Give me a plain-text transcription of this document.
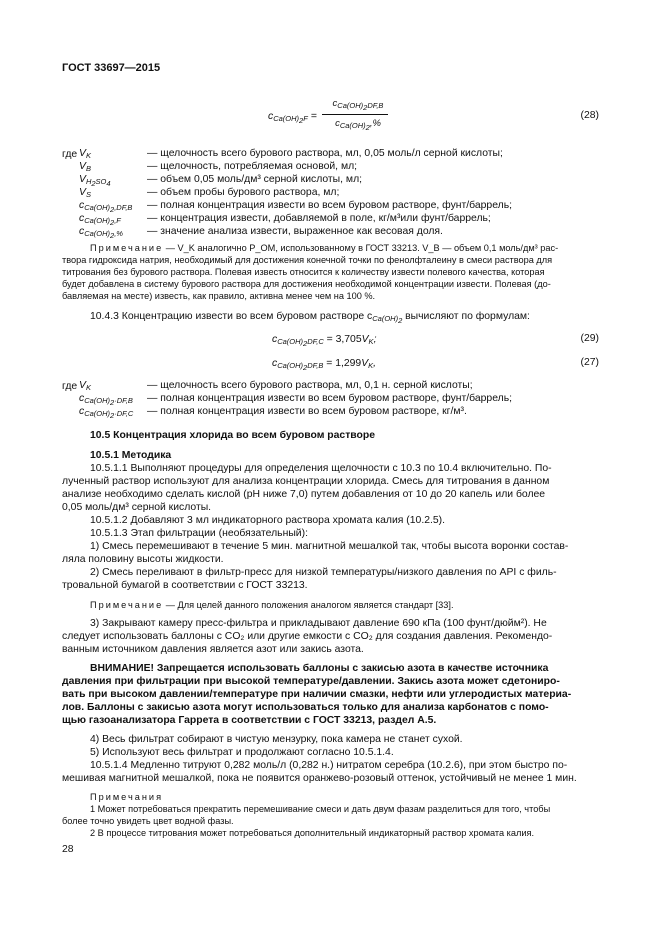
ГОСТ 33697—2015
$c_{Ca(OH)_2F}$ =
$c_{Ca(OH)_2DF,B}$
$c_{Ca(OH)_2},\%$
(28)
где $V_K$	— щелочность всего бурового раствора, мл, 0,05 моль/л серной кислоты;
$V_B$	— щелочность, потребляемая основой, мл;
$V_{H_2SO_4}$	— объем 0,05 моль/дм³ серной кислоты, мл;
$V_S$	— объем пробы бурового раствора, мл;
$c_{Ca(OH)_2,DF,B}$ — полная концентрация извести во всем буровом растворе, фунт/баррель;
$c_{Ca(OH)_2,F}$	— концентрация извести, добавляемой в поле, кг/м³или фунт/баррель;
$c_{Ca(OH)_2,\%}$ — значение анализа извести, выраженное как весовая доля.
Примечание — V_K аналогично P_OM, использованному в ГОСТ 33213. V_B — объем 0,1 моль/дм³ рас-
твора гидроксида натрия, необходимый для достижения конечной точки по фенолфталеину в смеси раствора для
титрования без бурового раствора. Полевая известь относится к количеству извести полевого качества, которая
будет добавлена в систему бурового раствора для достижения необходимой концентрации извести. Полевая (до-
бавляемая на месте) известь, как правило, активна менее чем на 100 %.
10.4.3 Концентрацию извести во всем буровом растворе $c_{Ca(OH)_2}$ вычисляют по формулам:
$c_{Ca(OH)_2DF,C} = 3,705V_K$;	(29)
$c_{Ca(OH)_2DF,B} = 1,299V_K$,	(27)
где $V_K$	— щелочность всего бурового раствора, мл, 0,1 н. серной кислоты;
$c_{Ca(OH)_2\cdot DF,B}$ — полная концентрация извести во всем буровом растворе, фунт/баррель;
$c_{Ca(OH)_2\cdot DF,C}$ — полная концентрация извести во всем буровом растворе, кг/м³.
10.5 Концентрация хлорида во всем буровом растворе
10.5.1 Методика
10.5.1.1 Выполняют процедуры для определения щелочности с 10.3 по 10.4 включительно. По-
лученный раствор используют для анализа концентрации хлорида. Смесь для титрования в данном
анализе необходимо сделать кислой (pH ниже 7,0) путем добавления от 10 до 20 капель или более
0,05 моль/дм³ серной кислоты.
10.5.1.2 Добавляют 3 мл индикаторного раствора хромата калия (10.2.5).
10.5.1.3 Этап фильтрации (необязательный):
1) Смесь перемешивают в течение 5 мин. магнитной мешалкой так, чтобы высота воронки состав-
ляла половину высоты жидкости.
2) Смесь переливают в фильтр-пресс для низкой температуры/низкого давления по API с филь-
тровальной бумагой в соответствии с ГОСТ 33213.
Примечание — Для целей данного положения аналогом является стандарт [33].
3) Закрывают камеру пресс-фильтра и прикладывают давление 690 кПа (100 фунт/дюйм²). Не
следует использовать баллоны с CO₂ или другие емкости с CO₂ для создания давления. Рекомендо-
ванным источником давления является азот или закись азота.
ВНИМАНИЕ! Запрещается использовать баллоны с закисью азота в качестве источника
давления при фильтрации при высокой температуре/давлении. Закись азота может сдетониро-
вать при высоком давлении/температуре при наличии смазки, нефти или углеродистых материа-
лов. Баллоны с закисью азота могут использоваться только для анализа карбонатов с помо-
щью газоанализатора Гаррета в соответствии с ГОСТ 33213, раздел А.5.
4) Весь фильтрат собирают в чистую мензурку, пока камера не станет сухой.
5) Используют весь фильтрат и продолжают согласно 10.5.1.4.
10.5.1.4 Медленно титруют 0,282 моль/л (0,282 н.) нитратом серебра (10.2.6), при этом быстро по-
мешивая магнитной мешалкой, пока не появится оранжево-розовый оттенок, устойчивый не менее 1 мин.
Примечания
1 Может потребоваться прекратить перемешивание смеси и дать двум фазам разделиться для того, чтобы
более точно увидеть цвет водной фазы.
2 В процессе титрования может потребоваться дополнительный индикаторный раствор хромата калия.
28
